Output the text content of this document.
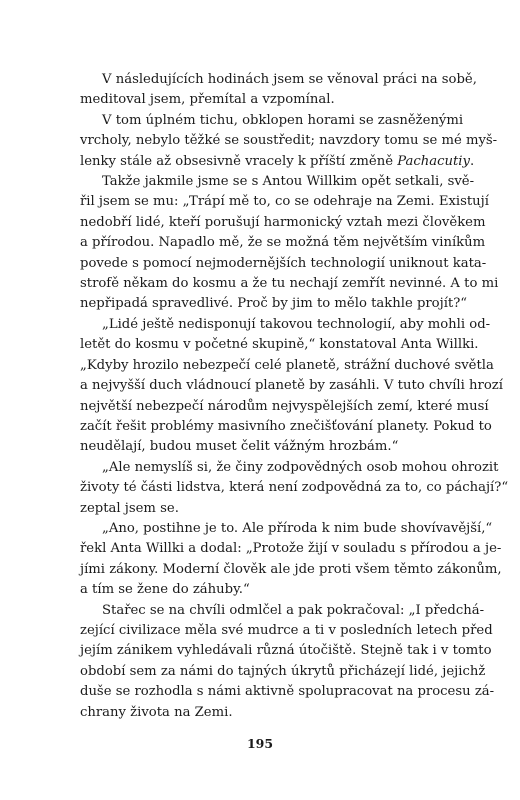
V následujících hodinách jsem se věnoval práci na sobě,
meditoval jsem, přemítal a vzpomínal.

V tom úplném tichu, obklopen horami se zasněženými
vrcholy, nebylo těžké se soustředit; navzdory tomu se mé myš-
lenky stále až obsesivně vracely k příští změně Pachacutiy.

Takže jakmile jsme se s Antou Willkim opět setkali, svě-
řil jsem se mu: „Trápí mě to, co se odehraje na Zemi. Existují
nedobří lidé, kteří porušují harmonický vztah mezi člověkem
a přírodou. Napadlo mě, že se možná těm největším viníkům
povede s pomocí nejmodernějších technologií uniknout kata-
strofě někam do kosmu a že tu nechají zemřít nevinné. A to mi
nepřipadá spravedlivé. Proč by jim to mělo takhle projít?“

„Lidé ještě nedisponují takovou technologií, aby mohli od-
letět do kosmu v početné skupině,“ konstatoval Anta Willki.
„Kdyby hrozilo nebezpečí celé planetě, strážní duchové světla
a nejvyšší duch vládnoucí planetě by zasáhli. V tuto chvíli hrozí
největší nebezpečí národům nejvyspělejších zemí, které musí
začít řešit problémy masivního znečišťování planety. Pokud to
neudělají, budou muset čelit vážným hrozbám.“

„Ale nemyslíš si, že činy zodpovědných osob mohou ohrozit
životy té části lidstva, která není zodpovědná za to, co páchají?“
zeptal jsem se.

„Ano, postihne je to. Ale příroda k nim bude shovívavější,“
řekl Anta Willki a dodal: „Protože žijí v souladu s přírodou a je-
jími zákony. Moderní člověk ale jde proti všem těmto zákonům,
a tím se žene do záhuby.“

Stařec se na chvíli odmlčel a pak pokračoval: „I předchá-
zející civilizace měla své mudrce a ti v posledních letech před
jejím zánikem vyhledávali různá útočiště. Stejně tak i v tomto
období sem za námi do tajných úkrytů přicházejí lidé, jejichž
duše se rozhodla s námi aktivně spolupracovat na procesu zá-
chrany života na Zemi.

195
